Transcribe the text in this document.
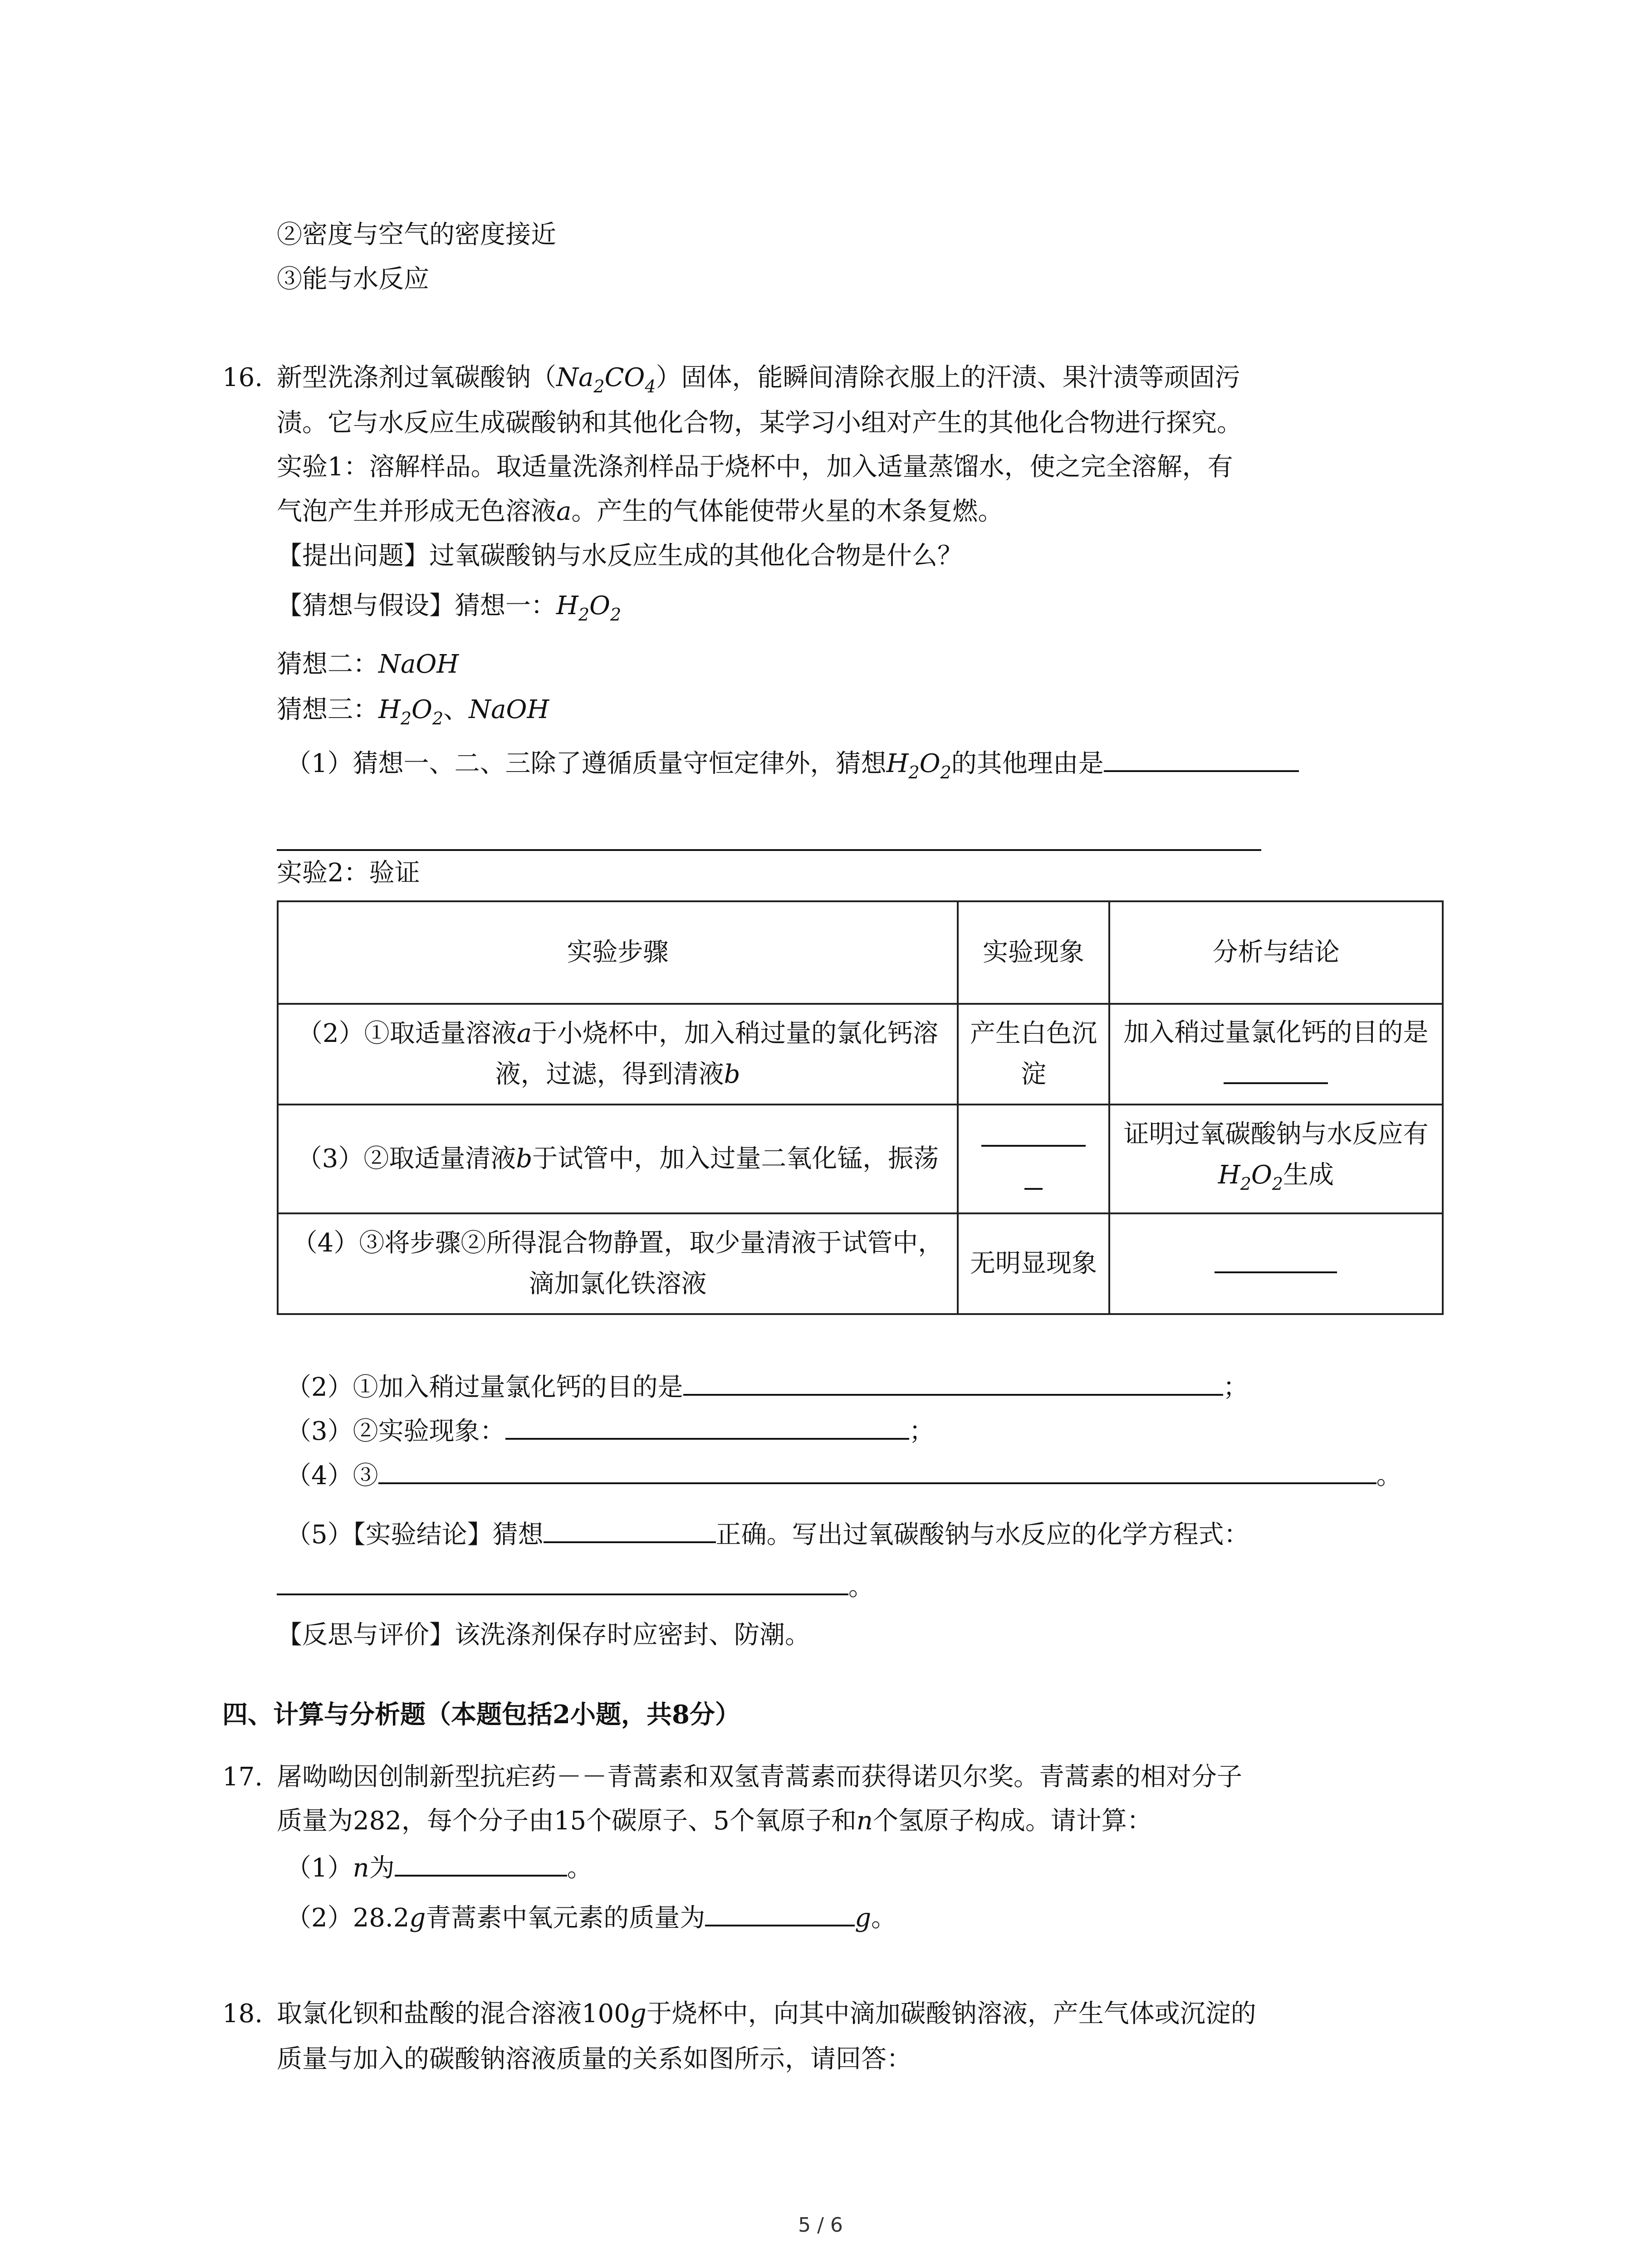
②密度与空气的密度接近
③能与水反应
16. 新型洗涤剂过氧碳酸钠$(Na_2CO_4)$固体，能瞬间清除衣服上的汗渍、果汁渍等顽固污
渍。它与水反应生成碳酸钠和其他化合物，某学习小组对产生的其他化合物进行探究。
实验1：溶解样品。取适量洗涤剂样品于烧杯中，加入适量蒸馏水，使之完全溶解，有
气泡产生并形成无色溶液a。产生的气体能使带火星的木条复燃。
【提出问题】过氧碳酸钠与水反应生成的其他化合物是什么？
【猜想与假设】猜想一：$H_2O_2$
猜想二：NaOH
猜想三：$H_2O_2$、NaOH
（1）猜想一、二、三除了遵循质量守恒定律外，猜想$H_2O_2$的其他理由是
实验2：验证
实验步骤	实验现象	分析与结论
（2）①取适量溶液a于小烧杯中，加入稍过量的氯化钙溶液，过滤，得到清液b	产生白色沉淀	加入稍过量氯化钙的目的是
（3）②取适量清液b于试管中，加入过量二氧化锰，振荡		证明过氧碳酸钠与水反应有$H_2O_2$生成
（4）③将步骤②所得混合物静置，取少量清液于试管中，滴加氯化铁溶液	无明显现象	
（2）①加入稍过量氯化钙的目的是	；
（3）②实验现象：	；
（4）③	。
（5）【实验结论】猜想	正确。写出过氧碳酸钠与水反应的化学方程式：
。
【反思与评价】该洗涤剂保存时应密封、防潮。
四、计算与分析题（本题包括2小题，共8分）
17. 屠呦呦因创制新型抗疟药－－青蒿素和双氢青蒿素而获得诺贝尔奖。青蒿素的相对分子
质量为282，每个分子由15个碳原子、5个氧原子和n个氢原子构成。请计算：
（1）n为	。
（2）28.2g青蒿素中氧元素的质量为	g。
18. 取氯化钡和盐酸的混合溶液100g于烧杯中，向其中滴加碳酸钠溶液，产生气体或沉淀的
质量与加入的碳酸钠溶液质量的关系如图所示，请回答：
5 / 6
